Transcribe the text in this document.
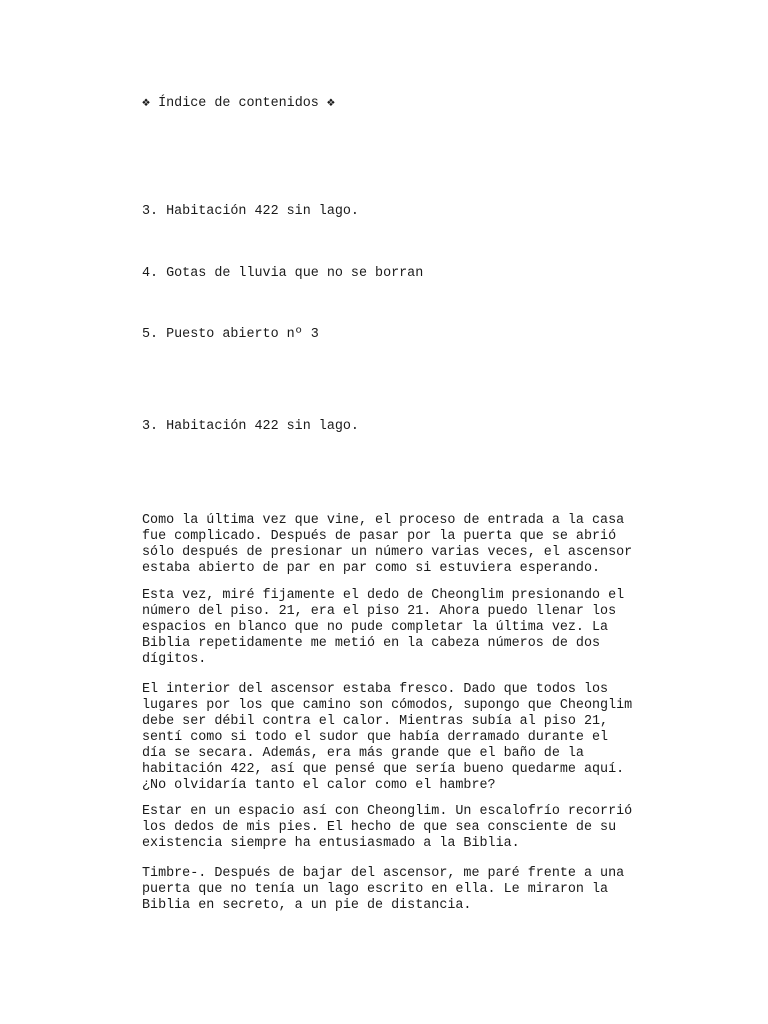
❖ Índice de contenidos ❖
3. Habitación 422 sin lago.
4. Gotas de lluvia que no se borran
5. Puesto abierto nº 3
3. Habitación 422 sin lago.

Como la última vez que vine, el proceso de entrada a la casa
fue complicado. Después de pasar por la puerta que se abrió
sólo después de presionar un número varias veces, el ascensor
estaba abierto de par en par como si estuviera esperando.

Esta vez, miré fijamente el dedo de Cheonglim presionando el
número del piso. 21, era el piso 21. Ahora puedo llenar los
espacios en blanco que no pude completar la última vez. La
Biblia repetidamente me metió en la cabeza números de dos
dígitos.

El interior del ascensor estaba fresco. Dado que todos los
lugares por los que camino son cómodos, supongo que Cheonglim
debe ser débil contra el calor. Mientras subía al piso 21,
sentí como si todo el sudor que había derramado durante el
día se secara. Además, era más grande que el baño de la
habitación 422, así que pensé que sería bueno quedarme aquí.
¿No olvidaría tanto el calor como el hambre?

Estar en un espacio así con Cheonglim. Un escalofrío recorrió
los dedos de mis pies. El hecho de que sea consciente de su
existencia siempre ha entusiasmado a la Biblia.

Timbre-. Después de bajar del ascensor, me paré frente a una
puerta que no tenía un lago escrito en ella. Le miraron la
Biblia en secreto, a un pie de distancia.
